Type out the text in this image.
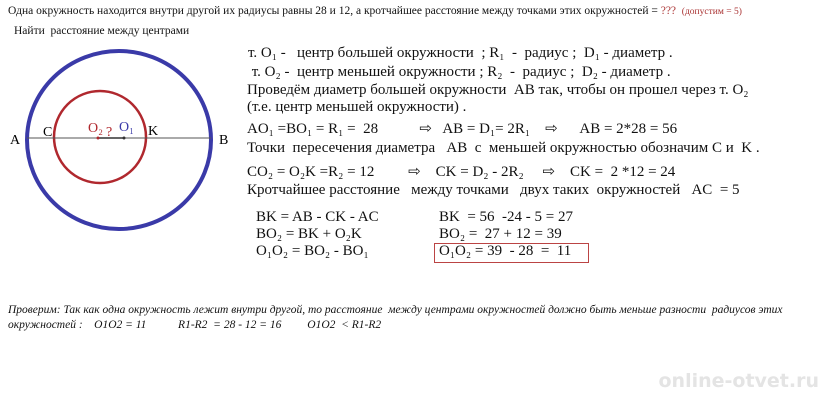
Одна окружность находится внутри другой их радиусы равны 28 и 12, а кротчайшее расстояние между точками этих окружностей = ??? (допустим = 5)
Найти  расстояние между центрами
A
C	O₂ ? O₁ K
B
т. O₁ -   центр большей окружности  ; R₁  -  радиус ;  D₁ - диаметр .
т. O₂ -  центр меньшей окружности ; R₂  -  радиус ;  D₂ - диаметр .
Проведём диаметр большей окружности  АВ так, чтобы он прошел через т. O₂
(т.е. центр меньшей окружности) .
AO₁ =BO₁ = R₁ =  28           ⇨   AB = D₁= 2R₁    ⇨      AB = 2*28 = 56
Точки  пересечения диаметра   АВ  с  меньшей окружностью обозначим C и  K .
CO₂ = O₂K =R₂ = 12         ⇨    CK = D₂ - 2R₂     ⇨    CK =  2 *12 = 24
Кротчайшее расстояние   между точками   двух таких  окружностей   AC  = 5
BK = AB - CK - AC
BO₂ = BK + O₂K
O₁O₂ = BO₂ - BO₁
BK  = 56  -24 - 5 = 27
BO₂ =  27 + 12 = 39
O₁O₂ = 39  - 28  =  11
Проверим: Так как одна окружность лежит внутри другой, то расстояние  между центрами окружностей должно быть меньше разности  радиусов этих
окружностей :    O1O2 = 11           R1-R2  = 28 - 12 = 16         O1O2  < R1-R2
online-otvet.ru
